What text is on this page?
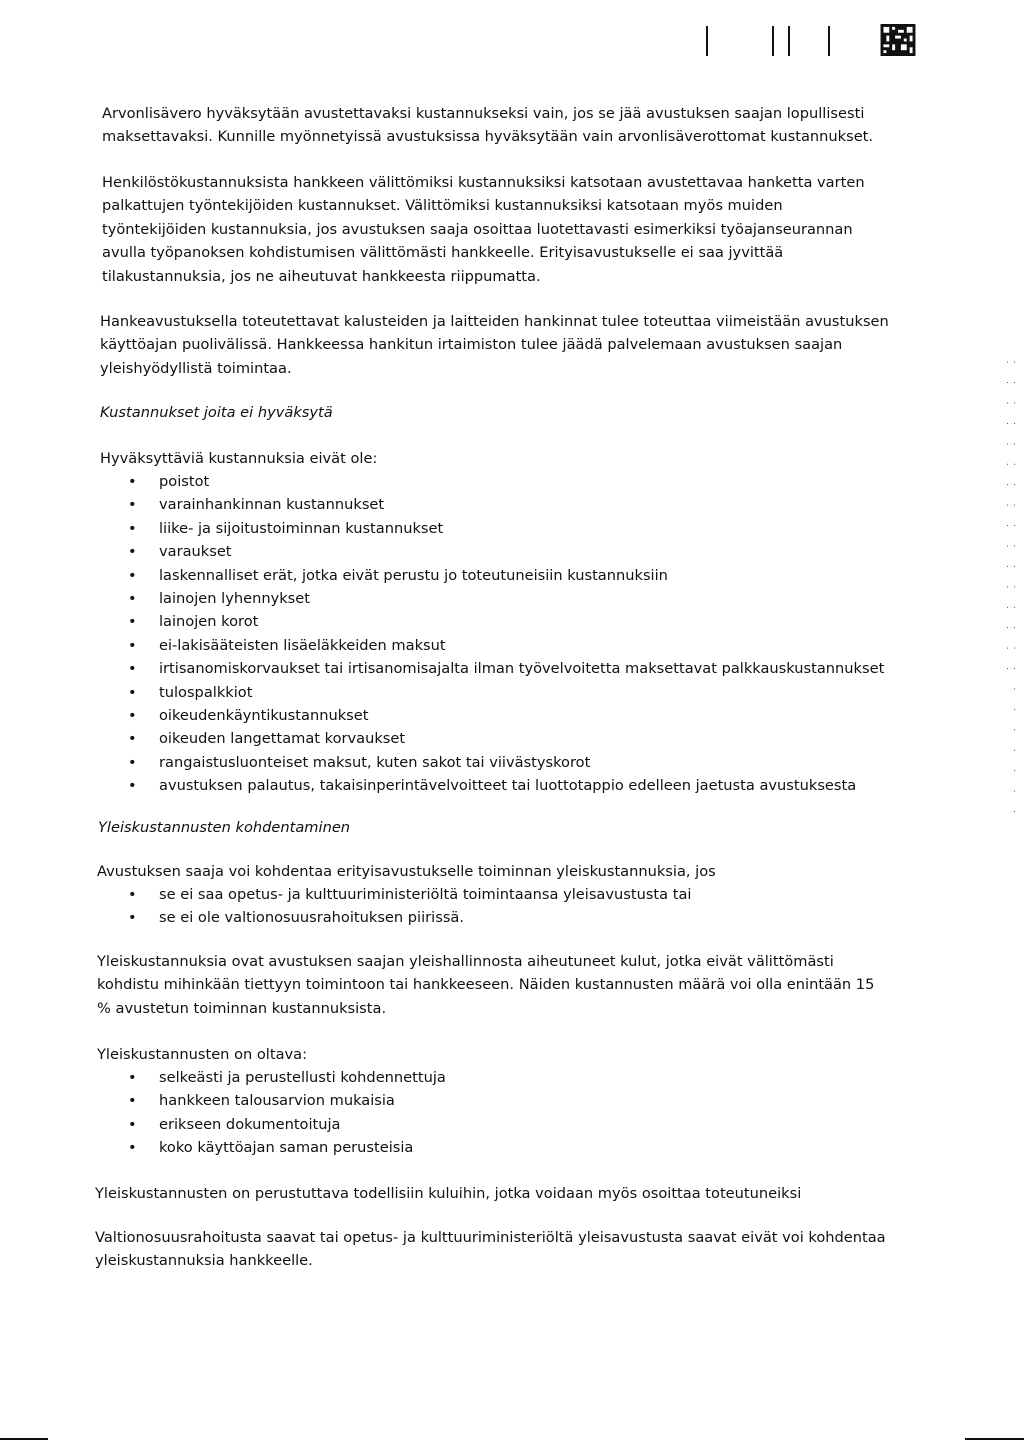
· · · · · · · · · · · · · · · · · · · · · · · · · · · · · · · · · · · · · · ·
Arvonlisävero hyväksytään avustettavaksi kustannukseksi vain, jos se jää avustuksen saajan lopullisesti
maksettavaksi. Kunnille myönnetyissä avustuksissa hyväksytään vain arvonlisäverottomat kustannukset.
Henkilöstökustannuksista hankkeen välittömiksi kustannuksiksi katsotaan avustettavaa hanketta varten
palkattujen työntekijöiden kustannukset. Välittömiksi kustannuksiksi katsotaan myös muiden
työntekijöiden kustannuksia, jos avustuksen saaja osoittaa luotettavasti esimerkiksi työajanseurannan
avulla työpanoksen kohdistumisen välittömästi hankkeelle. Erityisavustukselle ei saa jyvittää
tilakustannuksia, jos ne aiheutuvat hankkeesta riippumatta.
Hankeavustuksella toteutettavat kalusteiden ja laitteiden hankinnat tulee toteuttaa viimeistään avustuksen
käyttöajan puolivälissä. Hankkeessa hankitun irtaimiston tulee jäädä palvelemaan avustuksen saajan
yleishyödyllistä toimintaa.
Kustannukset joita ei hyväksytä
Hyväksyttäviä kustannuksia eivät ole:
• poistot
• varainhankinnan kustannukset
• liike- ja sijoitustoiminnan kustannukset
• varaukset
• laskennalliset erät, jotka eivät perustu jo toteutuneisiin kustannuksiin
• lainojen lyhennykset
• lainojen korot
• ei-lakisääteisten lisäeläkkeiden maksut
• irtisanomiskorvaukset tai irtisanomisajalta ilman työvelvoitetta maksettavat palkkauskustannukset
• tulospalkkiot
• oikeudenkäyntikustannukset
• oikeuden langettamat korvaukset
• rangaistusluonteiset maksut, kuten sakot tai viivästyskorot
• avustuksen palautus, takaisinperintävelvoitteet tai luottotappio edelleen jaetusta avustuksesta
Yleiskustannusten kohdentaminen
Avustuksen saaja voi kohdentaa erityisavustukselle toiminnan yleiskustannuksia, jos
• se ei saa opetus- ja kulttuuriministeriöltä toimintaansa yleisavustusta tai
• se ei ole valtionosuusrahoituksen piirissä.
Yleiskustannuksia ovat avustuksen saajan yleishallinnosta aiheutuneet kulut, jotka eivät välittömästi
kohdistu mihinkään tiettyyn toimintoon tai hankkeeseen. Näiden kustannusten määrä voi olla enintään 15
% avustetun toiminnan kustannuksista.
Yleiskustannusten on oltava:
• selkeästi ja perustellusti kohdennettuja
• hankkeen talousarvion mukaisia
• erikseen dokumentoituja
• koko käyttöajan saman perusteisia
Yleiskustannusten on perustuttava todellisiin kuluihin, jotka voidaan myös osoittaa toteutuneiksi
Valtionosuusrahoitusta saavat tai opetus- ja kulttuuriministeriöltä yleisavustusta saavat eivät voi kohdentaa
yleiskustannuksia hankkeelle.
